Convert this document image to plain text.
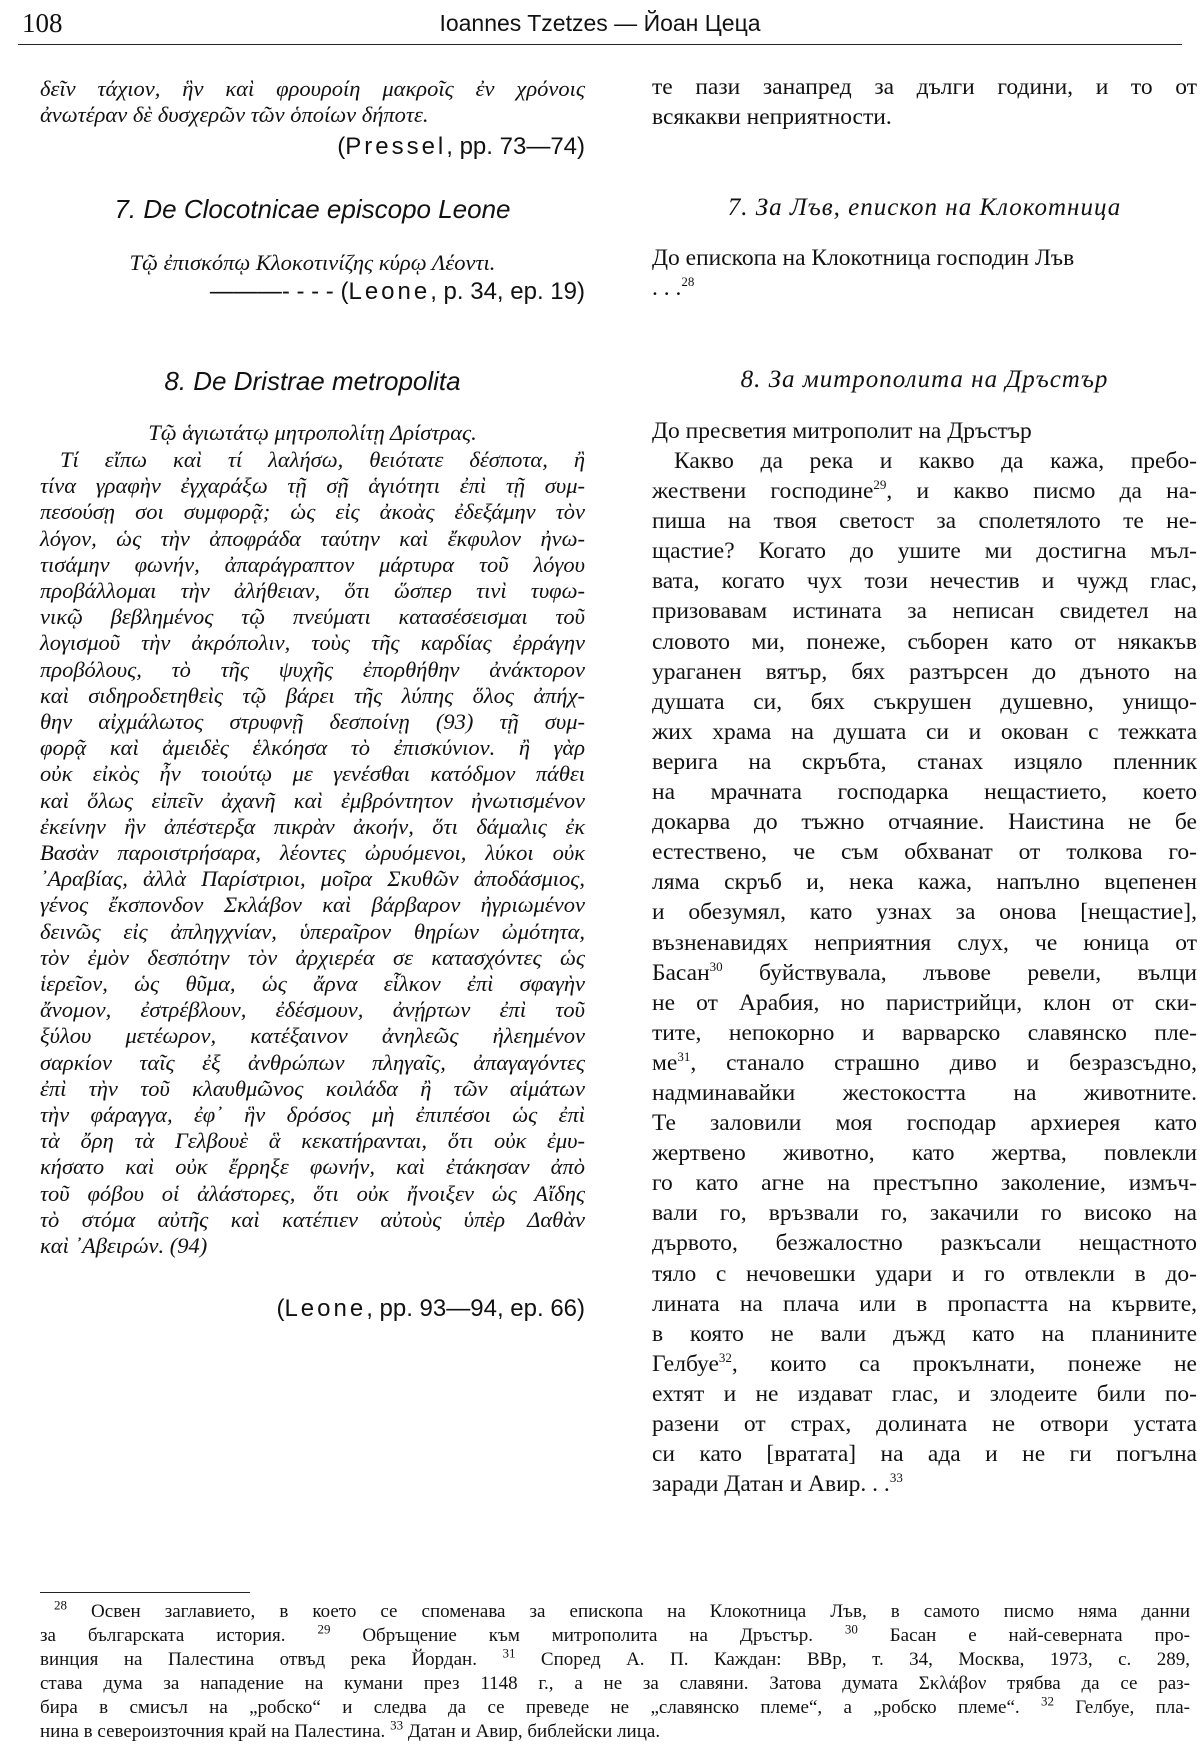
108	Ioannes Tzetzes — Йоан Цеца
δεῖν τάχιον, ἣν καὶ φρουροίη μακροῖς ἐν χρόνοις
ἀνωτέραν δὲ δυσχερῶν τῶν ὁποίων δήποτε.
(Pressel, pp. 73—74)
7. De Clocotnicae episcopo Leone
Τῷ ἐπισκόπῳ Κλοκοτινίζης κύρῳ Λέοντι.
———- - - - (Leone, p. 34, ep. 19)
8. De Dristrae metropolita
Τῷ ἁγιωτάτῳ μητροπολίτῃ Δρίστρας.
Τί εἴπω καὶ τί λαλήσω, θειότατε δέσποτα, ἢ
τίνα γραφὴν ἐγχαράξω τῇ σῇ ἁγιότητι ἐπὶ τῇ συμ-
πεσούσῃ σοι συμφορᾷ; ὡς εἰς ἀκοὰς ἐδεξάμην τὸν
λόγον, ὡς τὴν ἀποφράδα ταύτην καὶ ἔκφυλον ἠνω-
τισάμην φωνήν, ἀπαράγραπτον μάρτυρα τοῦ λόγου
προβάλλομαι τὴν ἀλήθειαν, ὅτι ὥσπερ τινὶ τυφω-
νικῷ βεβλημένος τῷ πνεύματι κατασέσεισμαι τοῦ
λογισμοῦ τὴν ἀκρόπολιν, τοὺς τῆς καρδίας ἐρράγην
προβόλους, τὸ τῆς ψυχῆς ἐπορθήθην ἀνάκτορον
καὶ σιδηροδετηθεὶς τῷ βάρει τῆς λύπης ὅλος ἀπήχ-
θην αἰχμάλωτος στρυφνῇ δεσποίνῃ (93) τῇ συμ-
φορᾷ καὶ ἀμειδὲς ἑλκόησα τὸ ἐπισκύνιον. ἢ γὰρ
οὐκ εἰκὸς ἦν τοιούτῳ με γενέσθαι κατόδμον πάθει
καὶ ὅλως εἰπεῖν ἀχανῆ καὶ ἐμβρόντητον ἠνωτισμένον
ἐκείνην ἣν ἀπέστερξα πικρὰν ἀκοήν, ὅτι δάμαλις ἐκ
Βασὰν παροιστρήσαρα, λέοντες ὠρυόμενοι, λύκοι οὐκ
᾿Αραβίας, ἀλλὰ Παρίστριοι, μοῖρα Σκυθῶν ἀποδάσμιος,
γένος ἔκσπονδον Σκλάβον καὶ βάρβαρον ἠγριωμένον
δεινῶς εἰς ἀπληγχνίαν, ὑπεραῖρον θηρίων ὠμότητα,
τὸν ἐμὸν δεσπότην τὸν ἀρχιερέα σε κατασχόντες ὡς
ἱερεῖον, ὡς θῦμα, ὡς ἄρνα εἷλκον ἐπὶ σφαγὴν
ἄνομον, ἐστρέβλουν, ἐδέσμουν, ἀνῄρτων ἐπὶ τοῦ
ξύλου μετέωρον, κατέξαινον ἀνηλεῶς ἠλεημένον
σαρκίον ταῖς ἐξ ἀνθρώπων πληγαῖς, ἀπαγαγόντες
ἐπὶ τὴν τοῦ κλαυθμῶνος κοιλάδα ἢ τῶν αἱμάτων
τὴν φάραγγα, ἐφ᾿ ἣν δρόσος μὴ ἐπιπέσοι ὡς ἐπὶ
τὰ ὄρη τὰ Γελβουὲ ἃ κεκατήρανται, ὅτι οὐκ ἐμυ-
κήσατο καὶ οὐκ ἔρρηξε φωνήν, καὶ ἐτάκησαν ἀπὸ
τοῦ φόβου οἱ ἀλάστορες, ὅτι οὐκ ἤνοιξεν ὡς Αἴδης
τὸ στόμα αὐτῆς καὶ κατέπιεν αὐτοὺς ὑπὲρ Δαθὰν
καὶ ᾿Αβειρών. (94)
(Leone, pp. 93—94, ep. 66)
те пази занапред за дълги години, и то от
всякакви неприятности.
7. За Лъв, епископ на Клокотница
До епископа на Клокотница господин Лъв
. . .$^{28}$
8. За митрополита на Дръстър
До пресветия митрополит на Дръстър
Какво да река и какво да кажа, пребо-
жествени господине$^{29}$, и какво писмо да на-
пиша на твоя светост за сполетялото те не-
щастие? Когато до ушите ми достигна мъл-
вата, когато чух този нечестив и чужд глас,
призовавам истината за неписан свидетел на
словото ми, понеже, съборен като от някакъв
ураганен вятър, бях разтърсен до дъното на
душата си, бях съкрушен душевно, унищо-
жих храма на душата си и окован с тежката
верига на скръбта, станах изцяло пленник
на мрачната господарка нещастието, което
докарва до тъжно отчаяние. Наистина не бе
естествено, че съм обхванат от толкова го-
ляма скръб и, нека кажа, напълно вцепенен
и обезумял, като узнах за онова [нещастие],
възненавидях неприятния слух, че юница от
Басан$^{30}$ буйствувала, лъвове ревели, вълци
не от Арабия, но паристрийци, клон от ски-
тите, непокорно и варварско славянско пле-
$ме^{31}$, станало страшно диво и безразсъдно,
надминавайки жестокостта на животните.
Те заловили моя господар архиерея като
жертвено животно, като жертва, повлекли
го като агне на престъпно заколение, измъч-
вали го, връзвали го, закачили го високо на
дървото, безжалостно разкъсали нещастното
тяло с нечовешки удари и го отвлекли в до-
лината на плача или в пропастта на кървите,
в която не вали дъжд като на планините
Гелбуе$^{32}$, които са прокълнати, понеже не
ехтят и не издават глас, и злодеите били по-
разени от страх, долината не отвори устата
си като [вратата] на ада и не ги погълна
заради Датан и Авир. . .$^{33}$
$^{28}$ Освен заглавието, в което се споменава за епископа на Клокотница Лъв, в самото писмо няма данни
за българската история. $^{29}$ Обръщение към митрополита на Дръстър. $^{30}$ Басан е най-северната про-
винция на Палестина отвъд река Йордан. $^{31}$ Според А. П. Каждан: ВВр, т. 34, Москва, 1973, с. 289,
става дума за нападение на кумани през 1148 г., а не за славяни. Затова думата Σκλάβον трябва да се раз-
бира в смисъл на „робско“ и следва да се преведе не „славянско племе“, а „робско племе“. $^{32}$ Гелбуе, пла-
нина в североизточния край на Палестина. $^{33}$ Датан и Авир, библейски лица.
